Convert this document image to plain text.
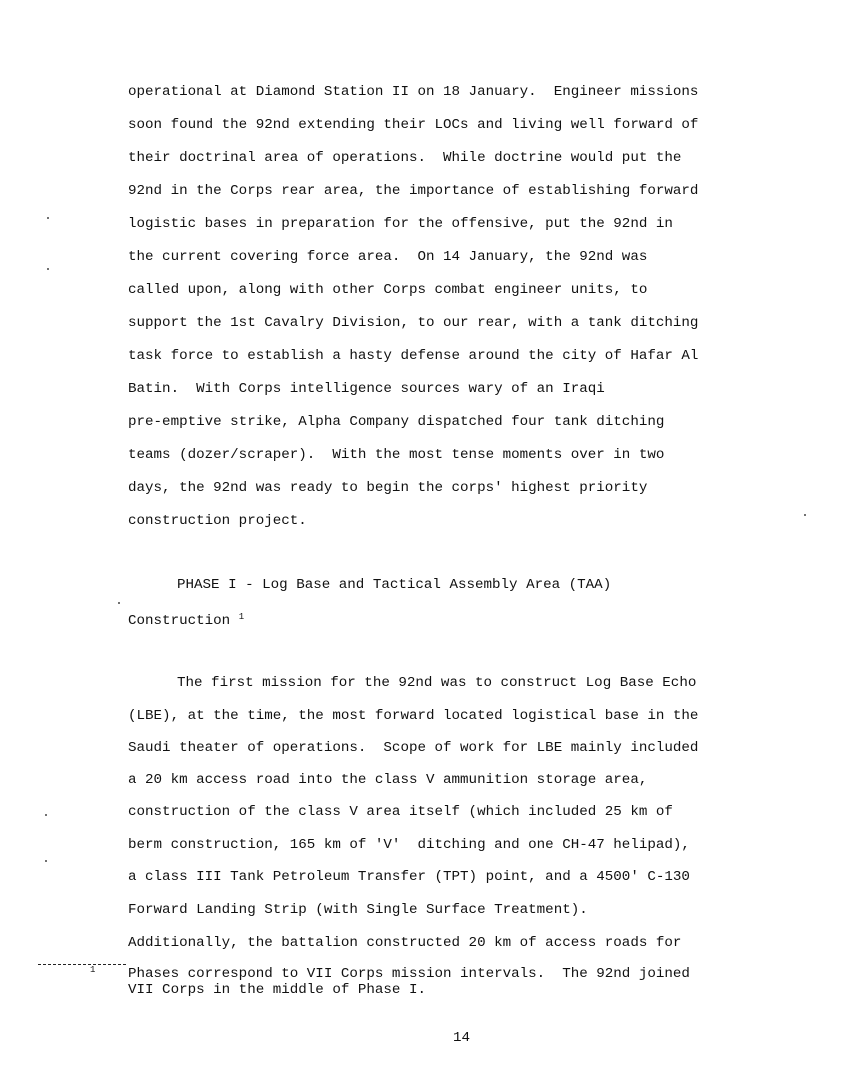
operational at Diamond Station II on 18 January.  Engineer missions
soon found the 92nd extending their LOCs and living well forward of
their doctrinal area of operations.  While doctrine would put the
92nd in the Corps rear area, the importance of establishing forward
logistic bases in preparation for the offensive, put the 92nd in
the current covering force area.  On 14 January, the 92nd was
called upon, along with other Corps combat engineer units, to
support the 1st Cavalry Division, to our rear, with a tank ditching
task force to establish a hasty defense around the city of Hafar Al
Batin.  With Corps intelligence sources wary of an Iraqi
pre-emptive strike, Alpha Company dispatched four tank ditching
teams (dozer/scraper).  With the most tense moments over in two
days, the 92nd was ready to begin the corps' highest priority
construction project.
PHASE I - Log Base and Tactical Assembly Area (TAA)
Construction $^1$
The first mission for the 92nd was to construct Log Base Echo
(LBE), at the time, the most forward located logistical base in the
Saudi theater of operations.  Scope of work for LBE mainly included
a 20 km access road into the class V ammunition storage area,
construction of the class V area itself (which included 25 km of
berm construction, 165 km of 'V'  ditching and one CH-47 helipad),
a class III Tank Petroleum Transfer (TPT) point, and a 4500' C-130
Forward Landing Strip (with Single Surface Treatment).
Additionally, the battalion constructed 20 km of access roads for
1 Phases correspond to VII Corps mission intervals.  The 92nd joined
VII Corps in the middle of Phase I.
14
